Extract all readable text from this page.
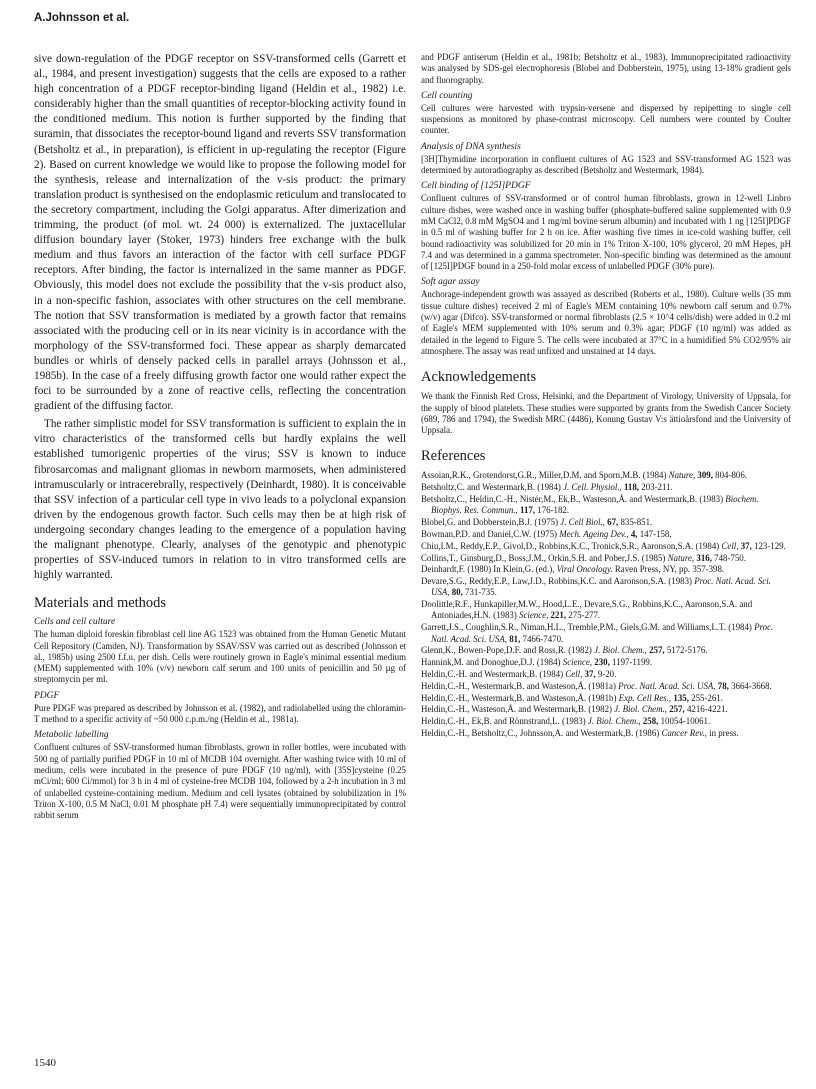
A.Johnsson et al.

sive down-regulation of the PDGF receptor on SSV-transformed cells (Garrett et al., 1984, and present investigation) suggests that the cells are exposed to a rather high concentration of a PDGF receptor-binding ligand (Heldin et al., 1982) i.e. considerably higher than the small quantities of receptor-blocking activity found in the conditioned medium. This notion is further supported by the finding that suramin, that dissociates the receptor-bound ligand and reverts SSV transformation (Betsholtz et al., in preparation), is efficient in up-regulating the receptor (Figure 2). Based on current knowledge we would like to propose the following model for the synthesis, release and internalization of the v-sis product: the primary translation product is synthesised on the endoplasmic reticulum and translocated to the secretory compartment, including the Golgi apparatus. After dimerization and trimming, the product (of mol. wt. 24 000) is externalized. The juxtacellular diffusion boundary layer (Stoker, 1973) hinders free exchange with the bulk medium and thus favors an interaction of the factor with cell surface PDGF receptors. After binding, the factor is internalized in the same manner as PDGF. Obviously, this model does not exclude the possibility that the v-sis product also, in a non-specific fashion, associates with other structures on the cell membrane. The notion that SSV transformation is mediated by a growth factor that remains associated with the producing cell or in its near vicinity is in accordance with the morphology of the SSV-transformed foci. These appear as sharply demarcated bundles or whirls of densely packed cells in parallel arrays (Johnsson et al., 1985b). In the case of a freely diffusing growth factor one would rather expect the foci to be surrounded by a zone of reactive cells, reflecting the concentration gradient of the diffusing factor.

The rather simplistic model for SSV transformation is sufficient to explain the in vitro characteristics of the transformed cells but hardly explains the well established tumorigenic properties of the virus; SSV is known to induce fibrosarcomas and malignant gliomas in newborn marmosets, when administered intramuscularly or intracerebrally, respectively (Deinhardt, 1980). It is conceivable that SSV infection of a particular cell type in vivo leads to a polyclonal expansion driven by the endogenous growth factor. Such cells may then be at high risk of undergoing secondary changes leading to the emergence of a population having the malignant phenotype. Clearly, analyses of the genotypic and phenotypic properties of SSV-induced tumors in relation to in vitro transformed cells are highly warranted.

Materials and methods
Cells and cell culture

The human diploid foreskin fibroblast cell line AG 1523 was obtained from the Human Genetic Mutant Cell Repository (Camden, NJ). Transformation by SSAV/SSV was carried out as described (Johnsson et al., 1985b) using 2500 f.f.u. per dish. Cells were routinely grown in Eagle's minimal essential medium (MEM) supplemented with 10% (v/v) newborn calf serum and 100 units of penicillin and 50 µg of streptomycin per ml.

PDGF

Pure PDGF was prepared as described by Johnsson et al. (1982), and radiolabelled using the chloramin-T method to a specific activity of ~50 000 c.p.m./ng (Heldin et al., 1981a).

Metabolic labelling

Confluent cultures of SSV-transformed human fibroblasts, grown in roller bottles, were incubated with 500 ng of partially purified PDGF in 10 ml of MCDB 104 overnight. After washing twice with 10 ml of medium, cells were incubated in the presence of pure PDGF (10 ng/ml), with [35S]cysteine (0.25 mCi/ml; 600 Ci/mmol) for 3 h in 4 ml of cysteine-free MCDB 104, followed by a 2-h incubation in 3 ml of unlabelled cysteine-containing medium. Medium and cell lysates (obtained by solubilization in 1% Triton X-100, 0.5 M NaCl, 0.01 M phosphate pH 7.4) were sequentially immunoprecipitated by control rabbit serum

and PDGF antiserum (Heldin et al., 1981b; Betsholtz et al., 1983). Immunoprecipitated radioactivity was analysed by SDS-gel electrophoresis (Blobel and Dobberstein, 1975), using 13-18% gradient gels and fluorography.

Cell counting

Cell cultures were harvested with trypsin-versene and dispersed by repipetting to single cell suspensions as monitored by phase-contrast microscopy. Cell numbers were counted by Coulter counter.

Analysis of DNA synthesis

[3H]Thymidine incorporation in confluent cultures of AG 1523 and SSV-transformed AG 1523 was determined by autoradiography as described (Betsholtz and Westermark, 1984).

Cell binding of [125I]PDGF

Confluent cultures of SSV-transformed or of control human fibroblasts, grown in 12-well Linbro culture dishes, were washed once in washing buffer (phosphate-buffered saline supplemented with 0.9 mM CaCl2, 0.8 mM MgSO4 and 1 mg/ml bovine serum albumin) and incubated with 1 ng [125I]PDGF in 0.5 ml of washing buffer for 2 h on ice. After washing five times in ice-cold washing buffer, cell bound radioactivity was solubilized for 20 min in 1% Triton X-100, 10% glycerol, 20 mM Hepes, pH 7.4 and was determined in a gamma spectrometer. Non-specific binding was determined as the amount of [125I]PDGF bound in a 250-fold molar excess of unlabelled PDGF (30% pure).

Soft agar assay

Anchorage-independent growth was assayed as described (Roberts et al., 1980). Culture wells (35 mm tissue culture dishes) received 2 ml of Eagle's MEM containing 10% newborn calf serum and 0.7% (w/v) agar (Difco). SSV-transformed or normal fibroblasts (2.5 × 10^4 cells/dish) were added in 0.2 ml of Eagle's MEM supplemented with 10% serum and 0.3% agar; PDGF (10 ng/ml) was added as detailed in the legend to Figure 5. The cells were incubated at 37°C in a humidified 5% CO2/95% air atmosphere. The assay was read unfixed and unstained at 14 days.

Acknowledgements

We thank the Finnish Red Cross, Helsinki, and the Department of Virology, University of Uppsala, for the supply of blood platelets. These studies were supported by grants from the Swedish Cancer Society (689, 786 and 1794), the Swedish MRC (4486), Konung Gustav V:s ättioårsfond and the University of Uppsala.

References
Assoian,R.K., Grotendorst,G.R., Miller,D.M. and Sporn,M.B. (1984) Nature, 309, 804-806.
Betsholtz,C. and Westermark,B. (1984) J. Cell. Physiol., 118, 203-211.
Betsholtz,C., Heldin,C.-H., Nistér,M., Ek,B., Wasteson,Å. and Westermark,B. (1983) Biochem. Biophys. Res. Commun., 117, 176-182.
Blobel,G. and Dobberstein,B.J. (1975) J. Cell Biol., 67, 835-851.
Bowman,P.D. and Daniel,C.W. (1975) Mech. Ageing Dev., 4, 147-158.
Chiu,I.M., Reddy,E.P., Givol,D., Robbins,K.C., Tronick,S.R., Aaronson,S.A. (1984) Cell, 37, 123-129.
Collins,T., Ginsburg,D., Boss,J.M., Orkin,S.H. and Pober,J.S. (1985) Nature, 316, 748-750.
Deinhardt,F. (1980) In Klein,G. (ed.), Viral Oncology. Raven Press, NY, pp. 357-398.
Devare,S.G., Reddy,E.P., Law,J.D., Robbins,K.C. and Aaronson,S.A. (1983) Proc. Natl. Acad. Sci. USA, 80, 731-735.
Doolittle,R.F., Hunkapiller,M.W., Hood,L.E., Devare,S.G., Robbins,K.C., Aaronson,S.A. and Antoniades,H.N. (1983) Science, 221, 275-277.
Garrett,J.S., Coughlin,S.R., Niman,H.L., Tremble,P.M., Giels,G.M. and Williams,L.T. (1984) Proc. Natl. Acad. Sci. USA, 81, 7466-7470.
Glenn,K., Bowen-Pope,D.F. and Ross,R. (1982) J. Biol. Chem., 257, 5172-5176.
Hannink,M. and Donoghue,D.J. (1984) Science, 230, 1197-1199.
Heldin,C.-H. and Westermark,B. (1984) Cell, 37, 9-20.
Heldin,C.-H., Westermark,B. and Wasteson,Å. (1981a) Proc. Natl. Acad. Sci. USA, 78, 3664-3668.
Heldin,C.-H., Westermark,B. and Wasteson,Å. (1981b) Exp. Cell Res., 135, 255-261.
Heldin,C.-H., Wasteson,Å. and Westermark,B. (1982) J. Biol. Chem., 257, 4216-4221.
Heldin,C.-H., Ek,B. and Rönnstrand,L. (1983) J. Biol. Chem., 258, 10054-10061.
Heldin,C.-H., Betsholtz,C., Johnsson,A. and Westermark,B. (1986) Cancer Rev., in press.
1540
